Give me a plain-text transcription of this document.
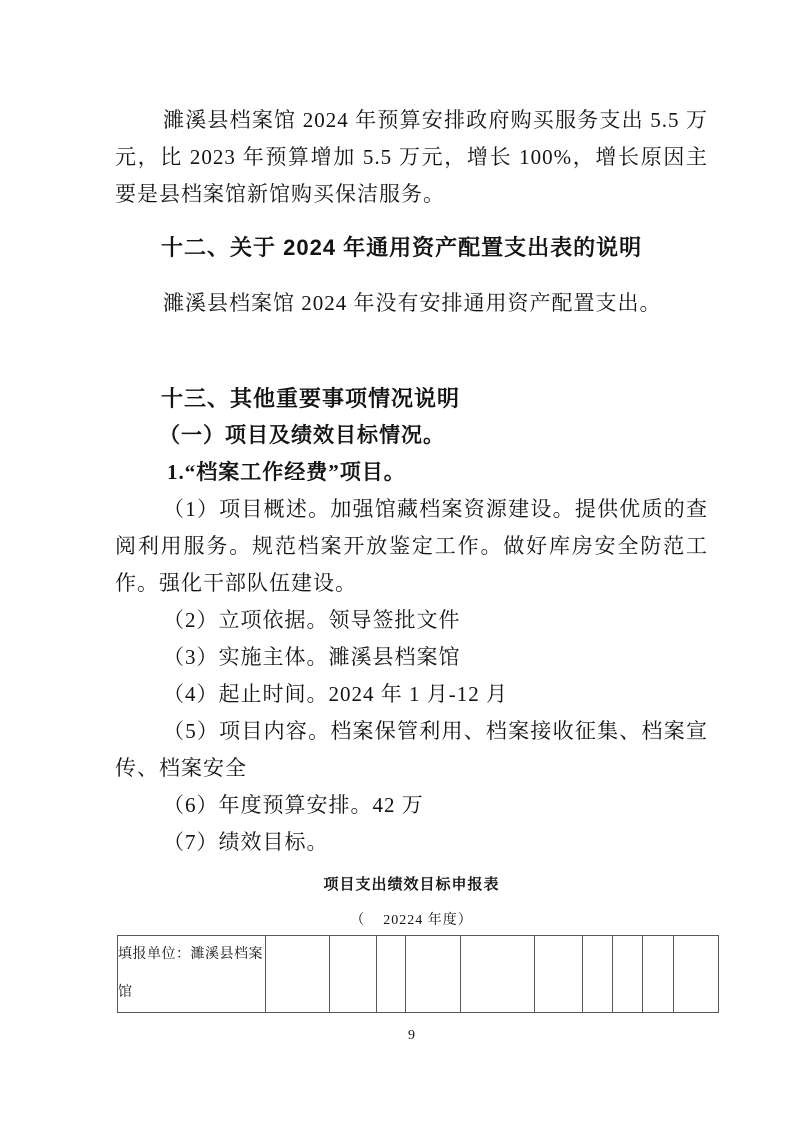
濉溪县档案馆 2024 年预算安排政府购买服务支出 5.5 万元，比 2023 年预算增加 5.5 万元，增长 100%，增长原因主要是县档案馆新馆购买保洁服务。

十二、关于 2024 年通用资产配置支出表的说明

濉溪县档案馆 2024 年没有安排通用资产配置支出。

十三、其他重要事项情况说明

（一）项目及绩效目标情况。

1.“档案工作经费”项目。

（1）项目概述。加强馆藏档案资源建设。提供优质的查阅利用服务。规范档案开放鉴定工作。做好库房安全防范工作。强化干部队伍建设。

（2）立项依据。领导签批文件

（3）实施主体。濉溪县档案馆

（4）起止时间。2024 年 1 月-12 月

（5）项目内容。档案保管利用、档案接收征集、档案宣传、档案安全

（6）年度预算安排。42 万

（7）绩效目标。

项目支出绩效目标申报表

（    20224 年度）

填报单位：濉溪县档案馆										
9
